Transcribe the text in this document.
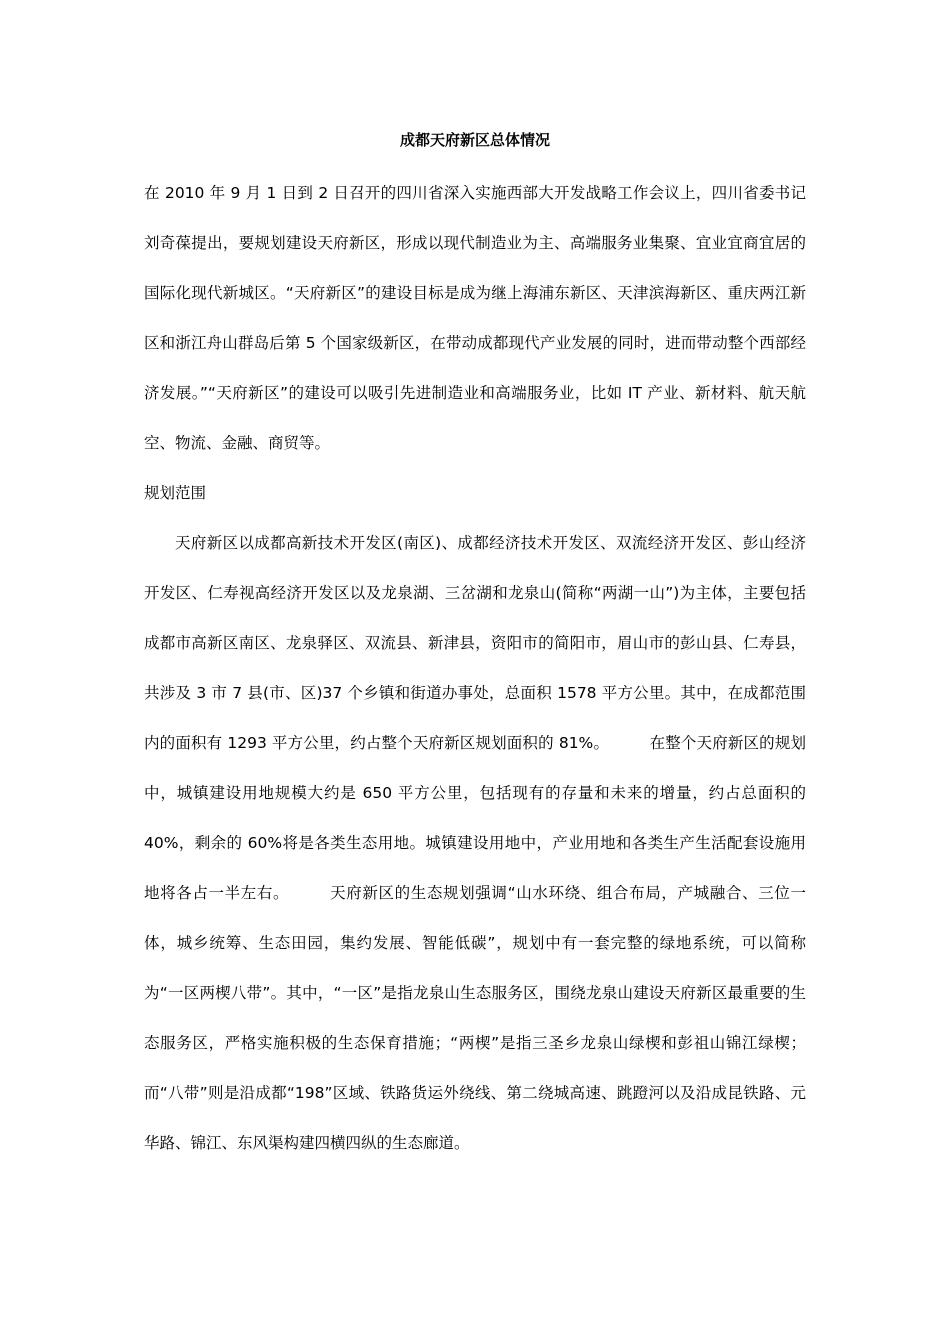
成都天府新区总体情况

在 2010 年 9 月 1 日到 2 日召开的四川省深入实施西部大开发战略工作会议上，四川省委书记刘奇葆提出，要规划建设天府新区，形成以现代制造业为主、高端服务业集聚、宜业宜商宜居的国际化现代新城区。“天府新区”的建设目标是成为继上海浦东新区、天津滨海新区、重庆两江新区和浙江舟山群岛后第 5 个国家级新区，在带动成都现代产业发展的同时，进而带动整个西部经济发展。”“天府新区”的建设可以吸引先进制造业和高端服务业，比如 IT 产业、新材料、航天航空、物流、金融、商贸等。

规划范围

天府新区以成都高新技术开发区(南区)、成都经济技术开发区、双流经济开发区、彭山经济开发区、仁寿视高经济开发区以及龙泉湖、三岔湖和龙泉山(简称“两湖一山”)为主体，主要包括成都市高新区南区、龙泉驿区、双流县、新津县，资阳市的简阳市，眉山市的彭山县、仁寿县，共涉及 3 市 7 县(市、区)37 个乡镇和街道办事处，总面积 1578 平方公里。其中，在成都范围内的面积有 1293 平方公里，约占整个天府新区规划面积的 81%。	在整个天府新区的规划中，城镇建设用地规模大约是 650 平方公里，包括现有的存量和未来的增量，约占总面积的 40%，剩余的 60%将是各类生态用地。城镇建设用地中，产业用地和各类生产生活配套设施用地将各占一半左右。	天府新区的生态规划强调“山水环绕、组合布局，产城融合、三位一体，城乡统筹、生态田园，集约发展、智能低碳”，规划中有一套完整的绿地系统，可以简称为“一区两楔八带”。其中，“一区”是指龙泉山生态服务区，围绕龙泉山建设天府新区最重要的生态服务区，严格实施积极的生态保育措施；“两楔”是指三圣乡龙泉山绿楔和彭祖山锦江绿楔；而“八带”则是沿成都“198”区域、铁路货运外绕线、第二绕城高速、跳蹬河以及沿成昆铁路、元华路、锦江、东风渠构建四横四纵的生态廊道。
